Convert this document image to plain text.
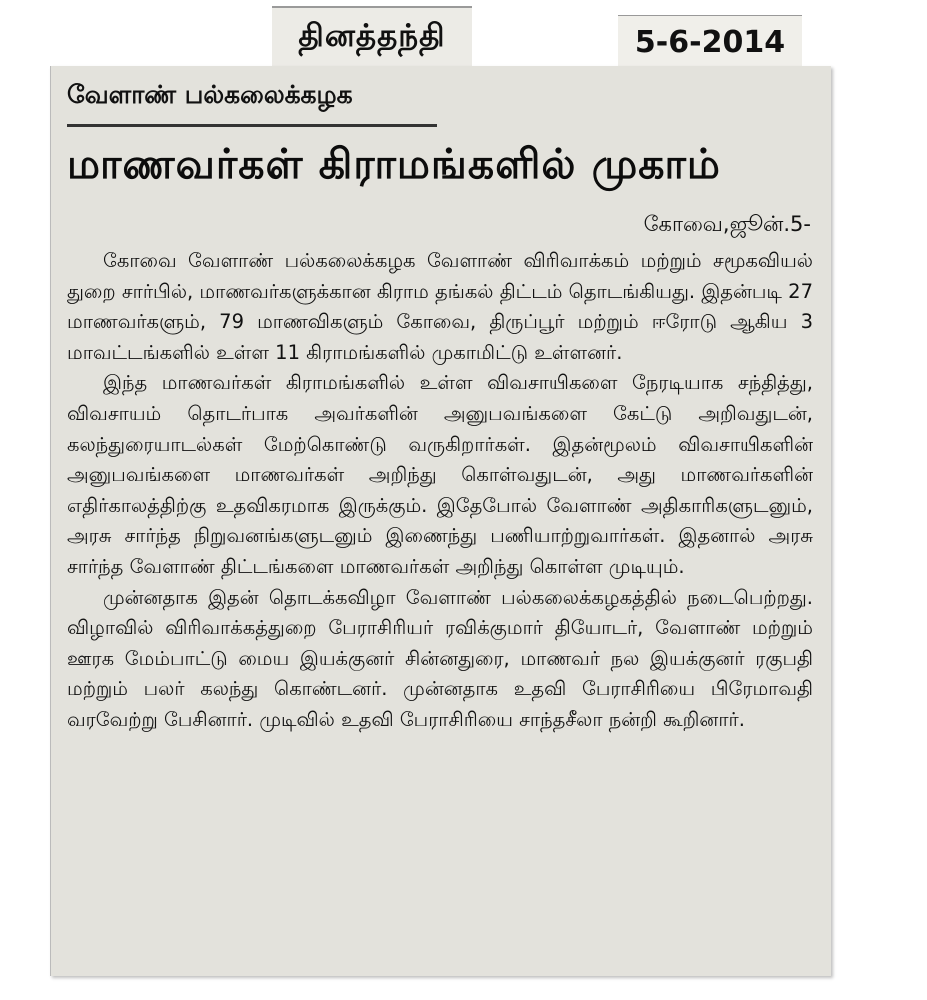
தினத்தந்தி	5-6-2014
வேளாண் பல்கலைக்கழக
மாணவர்கள் கிராமங்களில் முகாம்
கோவை,ஜூன்.5-

கோவை வேளாண் பல்கலைக்கழக வேளாண் விரிவாக்கம் மற்றும் சமூகவியல் துறை சார்பில், மாணவர்களுக்கான கிராம தங்கல் திட்டம் தொடங்கியது. இதன்படி 27 மாணவர்களும், 79 மாணவிகளும் கோவை, திருப்பூர் மற்றும் ஈரோடு ஆகிய 3 மாவட்டங்களில் உள்ள 11 கிராமங்களில் முகாமிட்டு உள்ளனர்.

இந்த மாணவர்கள் கிராமங்களில் உள்ள விவசாயிகளை நேரடியாக சந்தித்து, விவசாயம் தொடர்பாக அவர்களின் அனுபவங்களை கேட்டு அறிவதுடன், கலந்துரையாடல்கள் மேற்கொண்டு வருகிறார்கள். இதன்மூலம் விவசாயிகளின் அனுபவங்களை மாணவர்கள் அறிந்து கொள்வதுடன், அது மாணவர்களின் எதிர்காலத்திற்கு உதவிகரமாக இருக்கும். இதேபோல் வேளாண் அதிகாரிகளுடனும், அரசு சார்ந்த நிறுவனங்களுடனும் இணைந்து பணியாற்றுவார்கள். இதனால் அரசு சார்ந்த வேளாண் திட்டங்களை மாணவர்கள் அறிந்து கொள்ள முடியும்.

முன்னதாக இதன் தொடக்கவிழா வேளாண் பல்கலைக்கழகத்தில் நடைபெற்றது. விழாவில் விரிவாக்கத்துறை பேராசிரியர் ரவிக்குமார் தியோடர், வேளாண் மற்றும் ஊரக மேம்பாட்டு மைய இயக்குனர் சின்னதுரை, மாணவர் நல இயக்குனர் ரகுபதி மற்றும் பலர் கலந்து கொண்டனர். முன்னதாக உதவி பேராசிரியை பிரேமாவதி வரவேற்று பேசினார். முடிவில் உதவி பேராசிரியை சாந்தசீலா நன்றி கூறினார்.
